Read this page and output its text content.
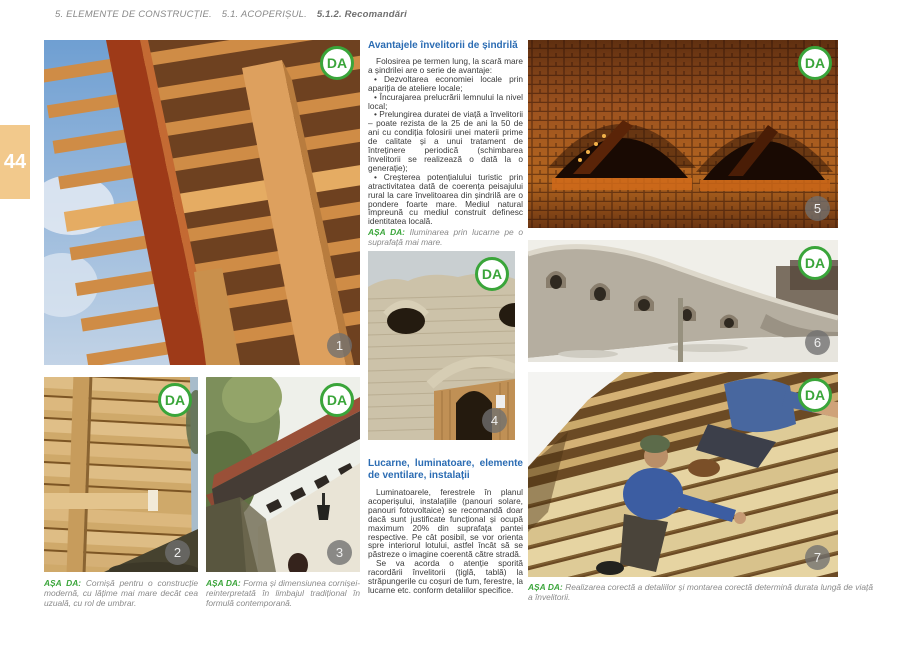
5. ELEMENTE DE CONSTRUCȚIE. 5.1. ACOPERIȘUL. 5.1.2. Recomandări
44
DA
1
DA
2
DA
3
AȘA DA: Cornișă pentru o construcție modernă, cu lățime mai mare decât cea uzuală, cu rol de umbrar.
AȘA DA: Forma și dimensiunea cornișei- reinterpretată în limbajul tradițional în formulă contemporană.
Avantajele învelitorii de șindrilă

Folosirea pe termen lung, la scară mare a șindrilei are o serie de avantaje:

• Dezvoltarea economiei locale prin apariția de ateliere locale;

• Încurajarea prelucrării lemnului la nivel local;

• Prelungirea duratei de viață a învelitorii – poate rezista de la 25 de ani la 50 de ani cu condiția folosirii unei materii prime de calitate și a unui tratament de întreținere periodică (schimbarea învelitorii se realizează o dată la o generație);

• Creșterea potențialului turistic prin atractivitatea dată de coerența peisajului rural la care învelitoarea din șindrilă are o pondere foarte mare. Mediul natural împreună cu mediul construit definesc identitatea locală.

AȘA DA: Iluminarea prin lucarne pe o suprafață mai mare.
DA
4
Lucarne, luminatoare, elemente de ventilare, instalații

Luminatoarele, ferestrele în planul acoperișului, instalațiile (panouri solare, panouri fotovoltaice) se recomandă doar dacă sunt justificate funcțional și ocupă maximum 20% din suprafața pantei respective. Pe cât posibil, se vor orienta spre interiorul lotului, astfel încât să se păstreze o imagine coerentă către stradă.

Se va acorda o atenție sporită racordării învelitorii (țiglă, tablă) la străpungerile cu coșuri de fum, ferestre, la lucarne etc. conform detaliilor specifice.

DA
5
DA
6
DA
7
AȘA DA: Realizarea corectă a detaliilor și montarea corectă determină durata lungă de viață a învelitorii.
